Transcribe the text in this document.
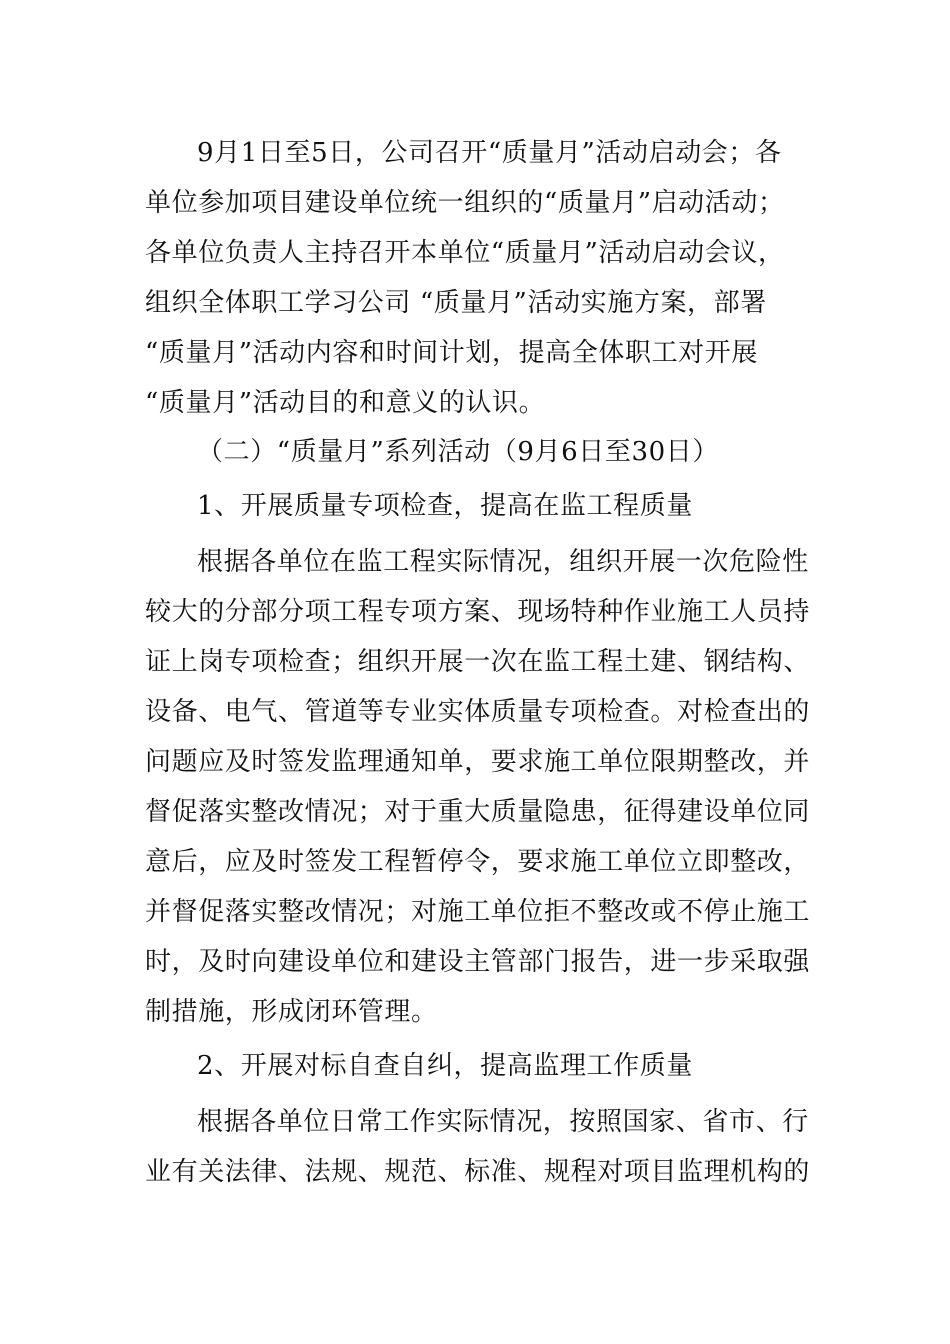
9月1日至5日，公司召开“质量月”活动启动会；各
单位参加项目建设单位统一组织的“质量月”启动活动；
各单位负责人主持召开本单位“质量月”活动启动会议，
组织全体职工学习公司 “质量月”活动实施方案，部署
“质量月”活动内容和时间计划，提高全体职工对开展
“质量月”活动目的和意义的认识。
（二）“质量月”系列活动（9月6日至30日）
1、开展质量专项检查，提高在监工程质量
根据各单位在监工程实际情况，组织开展一次危险性
较大的分部分项工程专项方案、现场特种作业施工人员持
证上岗专项检查；组织开展一次在监工程土建、钢结构、
设备、电气、管道等专业实体质量专项检查。对检查出的
问题应及时签发监理通知单，要求施工单位限期整改，并
督促落实整改情况；对于重大质量隐患，征得建设单位同
意后，应及时签发工程暂停令，要求施工单位立即整改，
并督促落实整改情况；对施工单位拒不整改或不停止施工
时，及时向建设单位和建设主管部门报告，进一步采取强
制措施，形成闭环管理。
2、开展对标自查自纠，提高监理工作质量
根据各单位日常工作实际情况，按照国家、省市、行
业有关法律、法规、规范、标准、规程对项目监理机构的
